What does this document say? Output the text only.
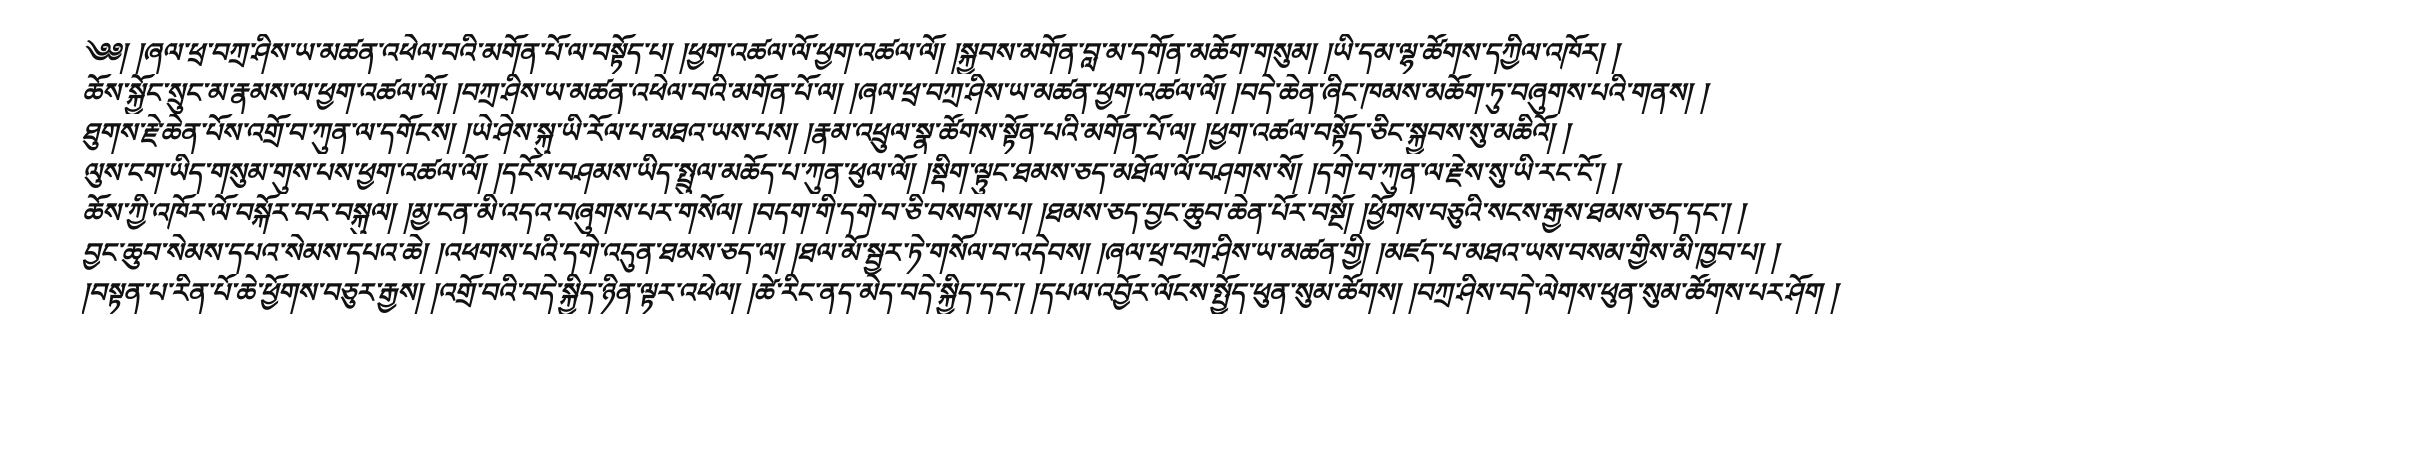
༄༅། །ཞལ་ཕྲ་བཀྲ་ཤིས་ཡ་མཚན་འཕེལ་བའི་མགོན་པོ་ལ་བསྟོད་པ། །ཕྱག་འཚལ་ལོ་ཕྱག་འཚལ་ལོ། །སྐྱབས་མགོན་བླ་མ་དགོན་མཆོག་གསུམ། །ཡི་དམ་ལྷ་ཚོགས་དཀྱིལ་འཁོར། །
ཆོས་སྐྱོང་སྲུང་མ་རྣམས་ལ་ཕྱག་འཚལ་ལོ། །བཀྲ་ཤིས་ཡ་མཚན་འཕེལ་བའི་མགོན་པོ་ལ། །ཞལ་ཕྲ་བཀྲ་ཤིས་ཡ་མཚན་ཕྱག་འཚལ་ལོ། །བདེ་ཆེན་ཞིང་ཁམས་མཆོག་ཏུ་བཞུགས་པའི་གནས། །
ཐུགས་རྗེ་ཆེན་པོས་འགྲོ་བ་ཀུན་ལ་དགོངས། །ཡེ་ཤེས་སྐུ་ཡི་རོལ་པ་མཐའ་ཡས་པས། །རྣམ་འཕྲུལ་སྣ་ཚོགས་སྟོན་པའི་མགོན་པོ་ལ། །ཕྱག་འཚལ་བསྟོད་ཅིང་སྐྱབས་སུ་མཆིའོ། །
ལུས་ངག་ཡིད་གསུམ་གུས་པས་ཕྱག་འཚལ་ལོ། །དངོས་བཤམས་ཡིད་སྤྲུལ་མཆོད་པ་ཀུན་ཕུལ་ལོ། །སྡིག་ལྟུང་ཐམས་ཅད་མཐོལ་ལོ་བཤགས་སོ། །དགེ་བ་ཀུན་ལ་རྗེས་སུ་ཡི་རང་ངོ་། །
ཆོས་ཀྱི་འཁོར་ལོ་བསྐོར་བར་བསྐུལ། །མྱ་ངན་མི་འདའ་བཞུགས་པར་གསོལ། །བདག་གི་དགེ་བ་ཅི་བསགས་པ། །ཐམས་ཅད་བྱང་ཆུབ་ཆེན་པོར་བསྔོ། །ཕྱོགས་བཅུའི་སངས་རྒྱས་ཐམས་ཅད་དང་། །
བྱང་ཆུབ་སེམས་དཔའ་སེམས་དཔའ་ཆེ། །འཕགས་པའི་དགེ་འདུན་ཐམས་ཅད་ལ། །ཐལ་མོ་སྦྱར་ཏེ་གསོལ་བ་འདེབས། །ཞལ་ཕྲ་བཀྲ་ཤིས་ཡ་མཚན་གྱི། །མཛད་པ་མཐའ་ཡས་བསམ་གྱིས་མི་ཁྱབ་པ། །
།བསྟན་པ་རིན་པོ་ཆེ་ཕྱོགས་བཅུར་རྒྱས། །འགྲོ་བའི་བདེ་སྐྱིད་ཉིན་ལྟར་འཕེལ། །ཚེ་རིང་ནད་མེད་བདེ་སྐྱིད་དང་། །དཔལ་འབྱོར་ལོངས་སྤྱོད་ཕུན་སུམ་ཚོགས། །བཀྲ་ཤིས་བདེ་ལེགས་ཕུན་སུམ་ཚོགས་པར་ཤོག །
